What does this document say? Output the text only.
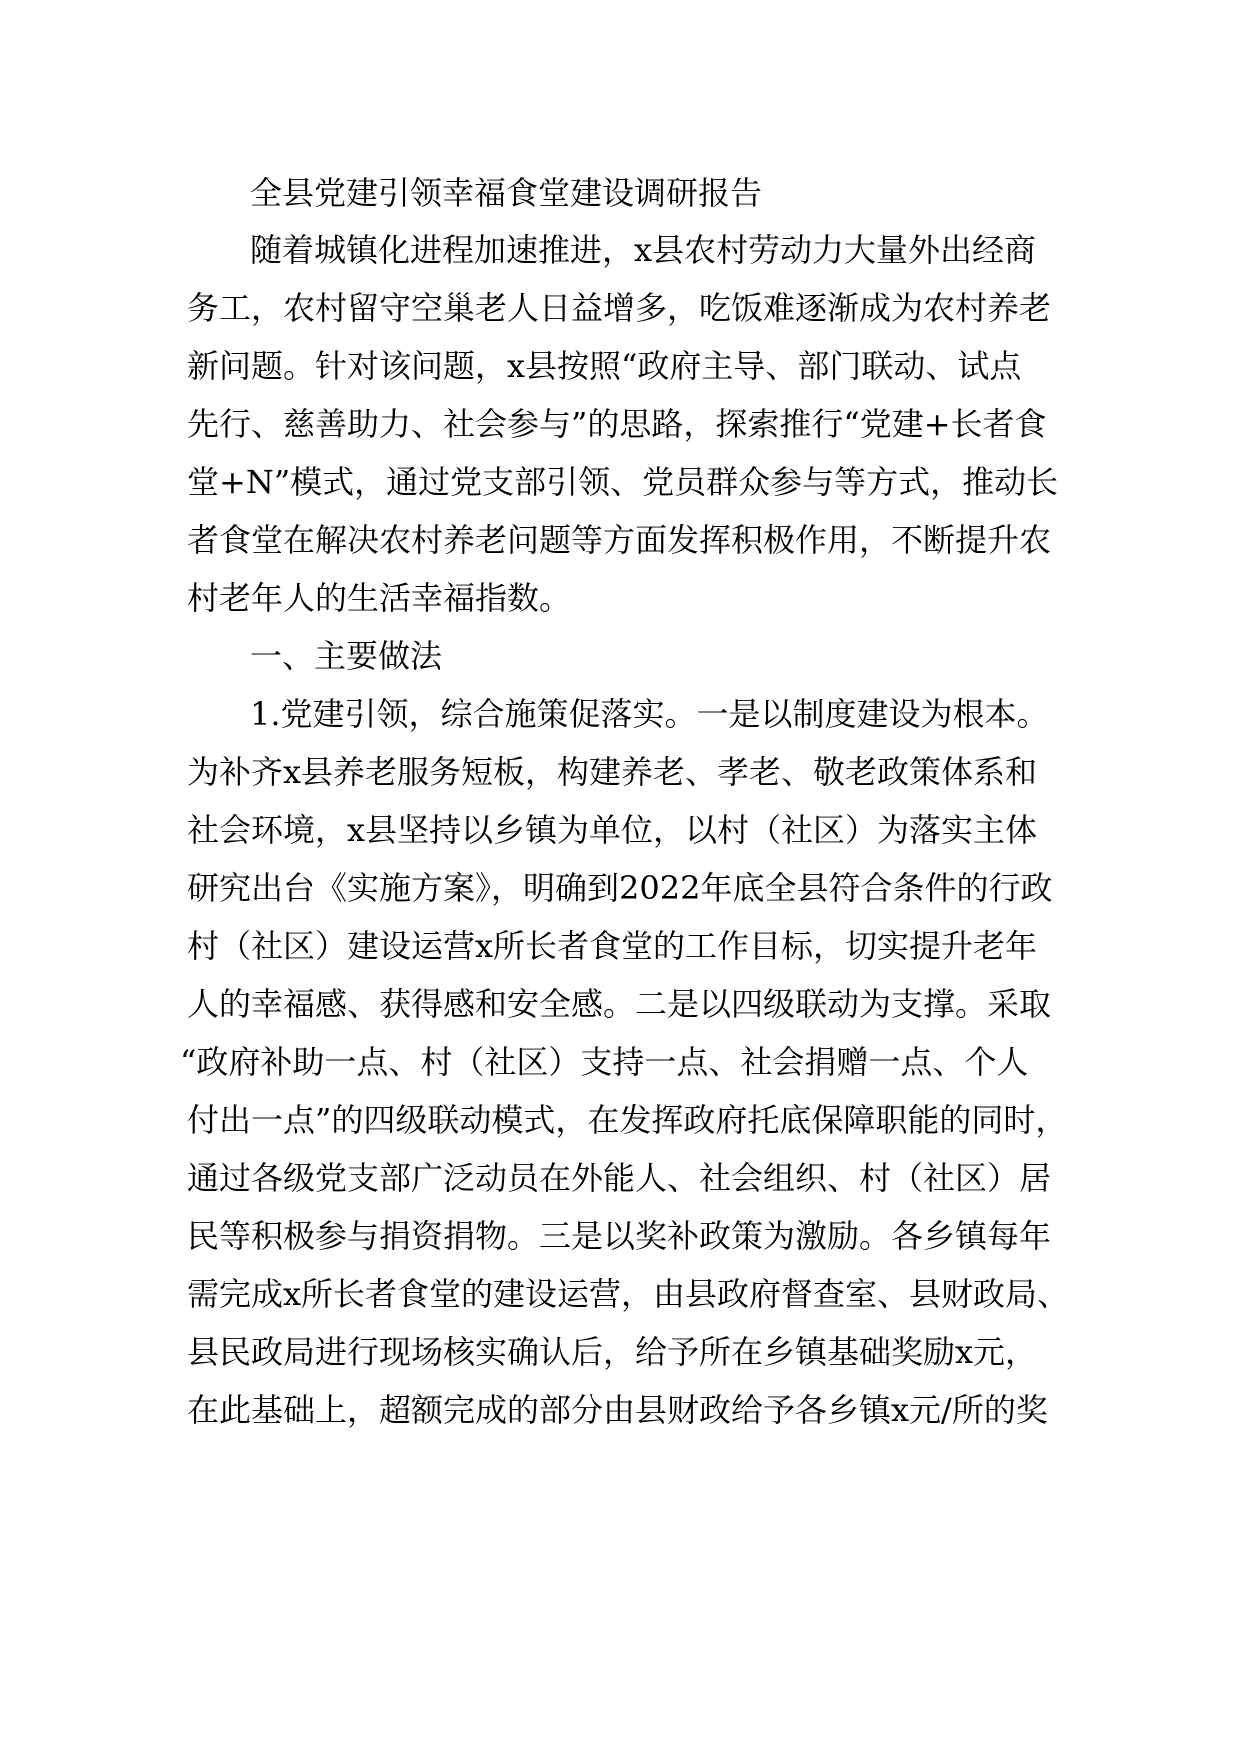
全县党建引领幸福食堂建设调研报告
随着城镇化进程加速推进，x县农村劳动力大量外出经商
务工，农村留守空巢老人日益增多，吃饭难逐渐成为农村养老
新问题。针对该问题，x县按照“政府主导、部门联动、试点
先行、慈善助力、社会参与”的思路，探索推行“党建+长者食
堂+N”模式，通过党支部引领、党员群众参与等方式，推动长
者食堂在解决农村养老问题等方面发挥积极作用，不断提升农
村老年人的生活幸福指数。
一、主要做法
1.党建引领，综合施策促落实。一是以制度建设为根本。
为补齐x县养老服务短板，构建养老、孝老、敬老政策体系和
社会环境，x县坚持以乡镇为单位，以村（社区）为落实主体
研究出台《实施方案》，明确到2022年底全县符合条件的行政
村（社区）建设运营x所长者食堂的工作目标，切实提升老年
人的幸福感、获得感和安全感。二是以四级联动为支撑。采取
“政府补助一点、村（社区）支持一点、社会捐赠一点、个人
付出一点”的四级联动模式，在发挥政府托底保障职能的同时，
通过各级党支部广泛动员在外能人、社会组织、村（社区）居
民等积极参与捐资捐物。三是以奖补政策为激励。各乡镇每年
需完成x所长者食堂的建设运营，由县政府督查室、县财政局、
县民政局进行现场核实确认后，给予所在乡镇基础奖励x元，
在此基础上，超额完成的部分由县财政给予各乡镇x元/所的奖
